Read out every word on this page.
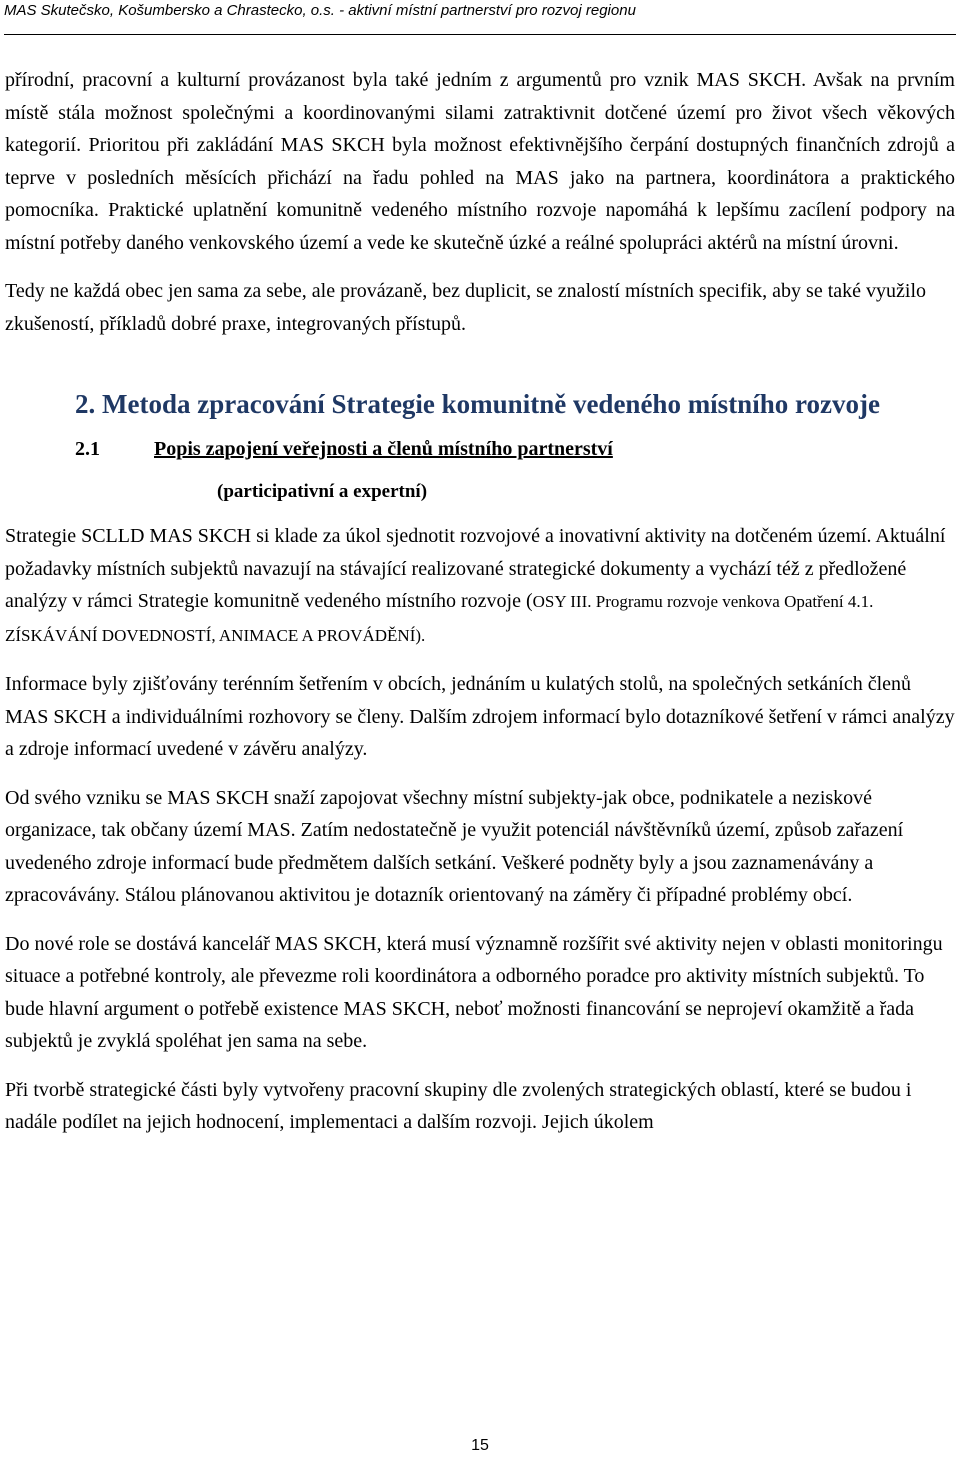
MAS Skutečsko, Košumbersko a Chrastecko, o.s. - aktivní místní partnerství pro rozvoj regionu

přírodní, pracovní a kulturní provázanost byla také jedním z argumentů pro vznik MAS SKCH. Avšak na prvním místě stála možnost společnými a koordinovanými silami zatraktivnit dotčené území pro život všech věkových kategorií. Prioritou při zakládání MAS SKCH byla možnost efektivnějšího čerpání dostupných finančních zdrojů a teprve v posledních měsících přichází na řadu pohled na MAS jako na partnera, koordinátora a praktického pomocníka. Praktické uplatnění komunitně vedeného místního rozvoje napomáhá k lepšímu zacílení podpory na místní potřeby daného venkovského území a vede ke skutečně úzké a reálné spolupráci aktérů na místní úrovni.

Tedy ne každá obec jen sama za sebe, ale provázaně, bez duplicit, se znalostí místních specifik, aby se také využilo zkušeností, příkladů dobré praxe, integrovaných přístupů.

2. Metoda zpracování Strategie komunitně vedeného místního rozvoje
2.1	Popis zapojení veřejnosti a členů místního partnerství
(participativní a expertní)

Strategie SCLLD MAS SKCH si klade za úkol sjednotit rozvojové a inovativní aktivity na dotčeném území. Aktuální požadavky místních subjektů navazují na stávající realizované strategické dokumenty a vychází též z předložené analýzy v rámci Strategie komunitně vedeného místního rozvoje (OSY III. Programu rozvoje venkova Opatření 4.1. ZÍSKÁVÁNÍ DOVEDNOSTÍ, ANIMACE A PROVÁDĚNÍ).

Informace byly zjišťovány terénním šetřením v obcích, jednáním u kulatých stolů, na společných setkáních členů MAS SKCH a individuálními rozhovory se členy. Dalším zdrojem informací bylo dotazníkové šetření v rámci analýzy a zdroje informací uvedené v závěru analýzy.

Od svého vzniku se MAS SKCH snaží zapojovat všechny místní subjekty-jak obce, podnikatele a neziskové organizace, tak občany území MAS. Zatím nedostatečně je využit potenciál návštěvníků území, způsob zařazení uvedeného zdroje informací bude předmětem dalších setkání. Veškeré podněty byly a jsou zaznamenávány a zpracovávány. Stálou plánovanou aktivitou je dotazník orientovaný na záměry či případné problémy obcí.

Do nové role se dostává kancelář MAS SKCH, která musí významně rozšířit své aktivity nejen v oblasti monitoringu situace a potřebné kontroly, ale převezme roli koordinátora a odborného poradce pro aktivity místních subjektů. To bude hlavní argument o potřebě existence MAS SKCH, neboť možnosti financování se neprojeví okamžitě a řada subjektů je zvyklá spoléhat jen sama na sebe.

Při tvorbě strategické části byly vytvořeny pracovní skupiny dle zvolených strategických oblastí, které se budou i nadále podílet na jejich hodnocení, implementaci a dalším rozvoji. Jejich úkolem

15
